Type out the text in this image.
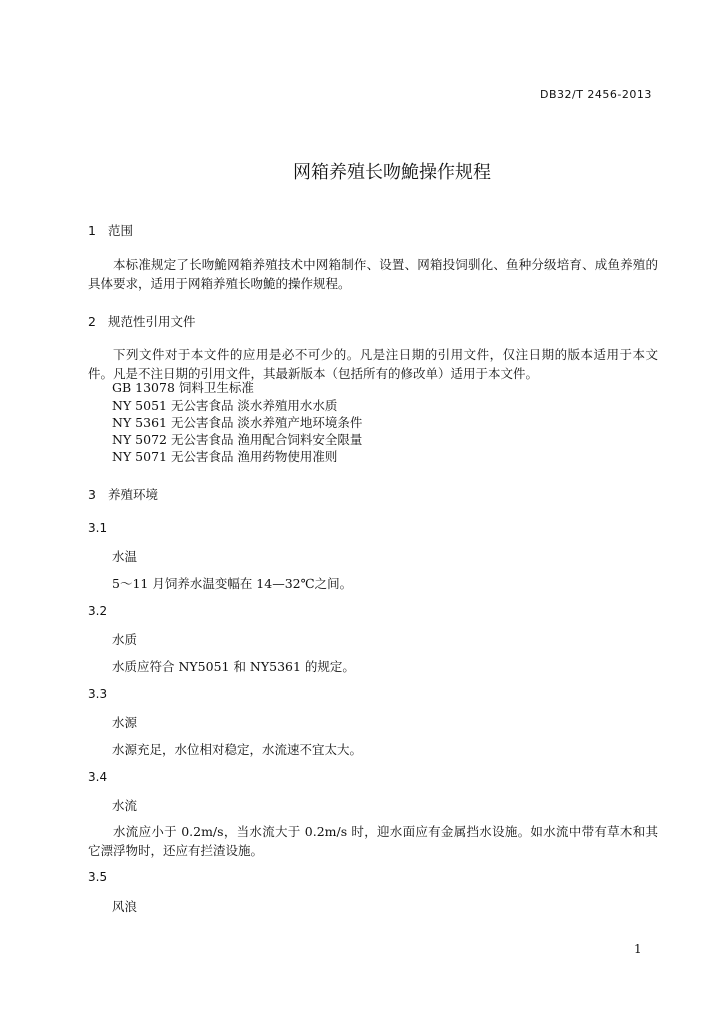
DB32/T 2456-2013
网箱养殖长吻鮠操作规程
1 范围
本标准规定了长吻鮠网箱养殖技术中网箱制作、设置、网箱投饲驯化、鱼种分级培育、成鱼养殖的具体要求，适用于网箱养殖长吻鮠的操作规程。
2 规范性引用文件
下列文件对于本文件的应用是必不可少的。凡是注日期的引用文件，仅注日期的版本适用于本文件。凡是不注日期的引用文件，其最新版本（包括所有的修改单）适用于本文件。
GB 13078 饲料卫生标准
NY 5051 无公害食品 淡水养殖用水水质
NY 5361 无公害食品 淡水养殖产地环境条件
NY 5072 无公害食品 渔用配合饲料安全限量
NY 5071 无公害食品 渔用药物使用准则
3 养殖环境
3.1
水温
5～11 月饲养水温变幅在 14—32℃之间。
3.2
水质
水质应符合 NY5051 和 NY5361 的规定。
3.3
水源
水源充足，水位相对稳定，水流速不宜太大。
3.4
水流
水流应小于 0.2m/s，当水流大于 0.2m/s 时，迎水面应有金属挡水设施。如水流中带有草木和其它漂浮物时，还应有拦渣设施。
3.5
风浪
1
